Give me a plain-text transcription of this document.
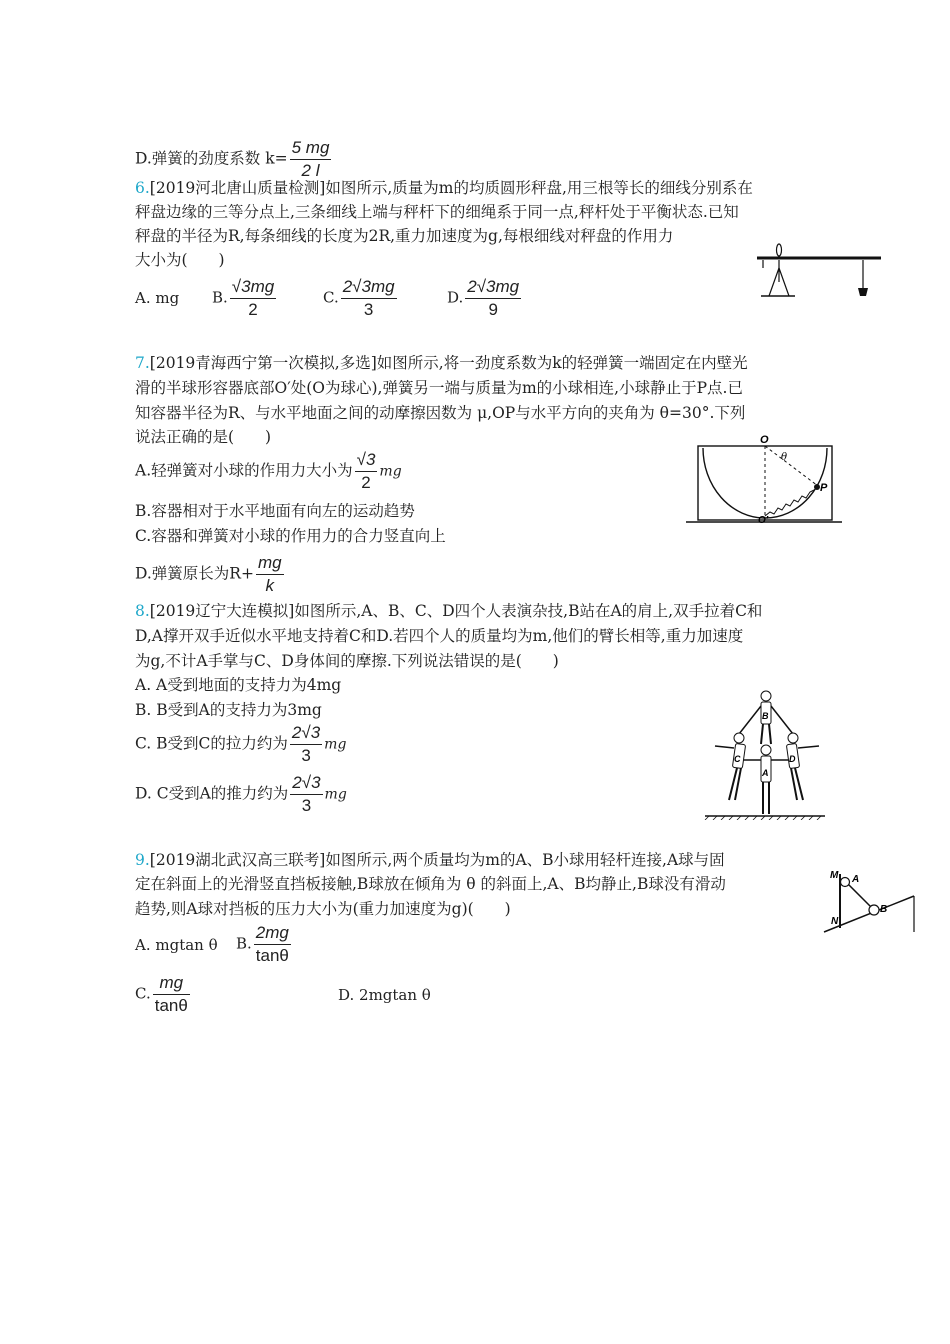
D.弹簧的劲度系数 $k= \frac{5 mg}{2 l}$
6.[2019河北唐山质量检测]如图所示,质量为m的均质圆形秤盘,用三根等长的细线分别系在
秤盘边缘的三等分点上,三条细线上端与秤杆下的细绳系于同一点,秤杆处于平衡状态.已知
秤盘的半径为R,每条细线的长度为2R,重力加速度为g,每根细线对秤盘的作用力
大小为(　　)
A. mg B. $\frac{√3mg}{2}$	C. $\frac{2√3mg}{3}$	D. $\frac{2√3mg}{9}$
7.[2019青海西宁第一次模拟,多选]如图所示,将一劲度系数为k的轻弹簧一端固定在内壁光
滑的半球形容器底部O′处(O为球心),弹簧另一端与质量为m的小球相连,小球静止于P点.已
知容器半径为R、与水平地面之间的动摩擦因数为 μ,OP与水平方向的夹角为 θ=30°.下列
说法正确的是(　　)
A.轻弹簧对小球的作用力大小为 $\frac{√3}{2}$ mg
B.容器相对于水平地面有向左的运动趋势
C.容器和弹簧对小球的作用力的合力竖直向上
D.弹簧原长为$R+ \frac{mg}{k}$
O
θ
P
O′
8.[2019辽宁大连模拟]如图所示,A、B、C、D四个人表演杂技,B站在A的肩上,双手拉着C和
D,A撑开双手近似水平地支持着C和D.若四个人的质量均为m,他们的臂长相等,重力加速度
为g,不计A手掌与C、D身体间的摩擦.下列说法错误的是(　　)
A. A受到地面的支持力为4mg
B. B受到A的支持力为3mg
C. B受到C的拉力约为 $\frac{2√3}{3}$ mg
D. C受到A的推力约为 $\frac{2√3}{3}$ mg
B
A
C	D
9.[2019湖北武汉高三联考]如图所示,两个质量均为m的A、B小球用轻杆连接,A球与固
定在斜面上的光滑竖直挡板接触,B球放在倾角为 θ 的斜面上,A、B均静止,B球没有滑动
趋势,则A球对挡板的压力大小为(重力加速度为g)(　　)
A. mgtan θ B. $\frac{2mg}{\tan\theta}$
C. $\frac{mg}{\tan\theta}$	D. 2mgtan θ
M A
N
B
